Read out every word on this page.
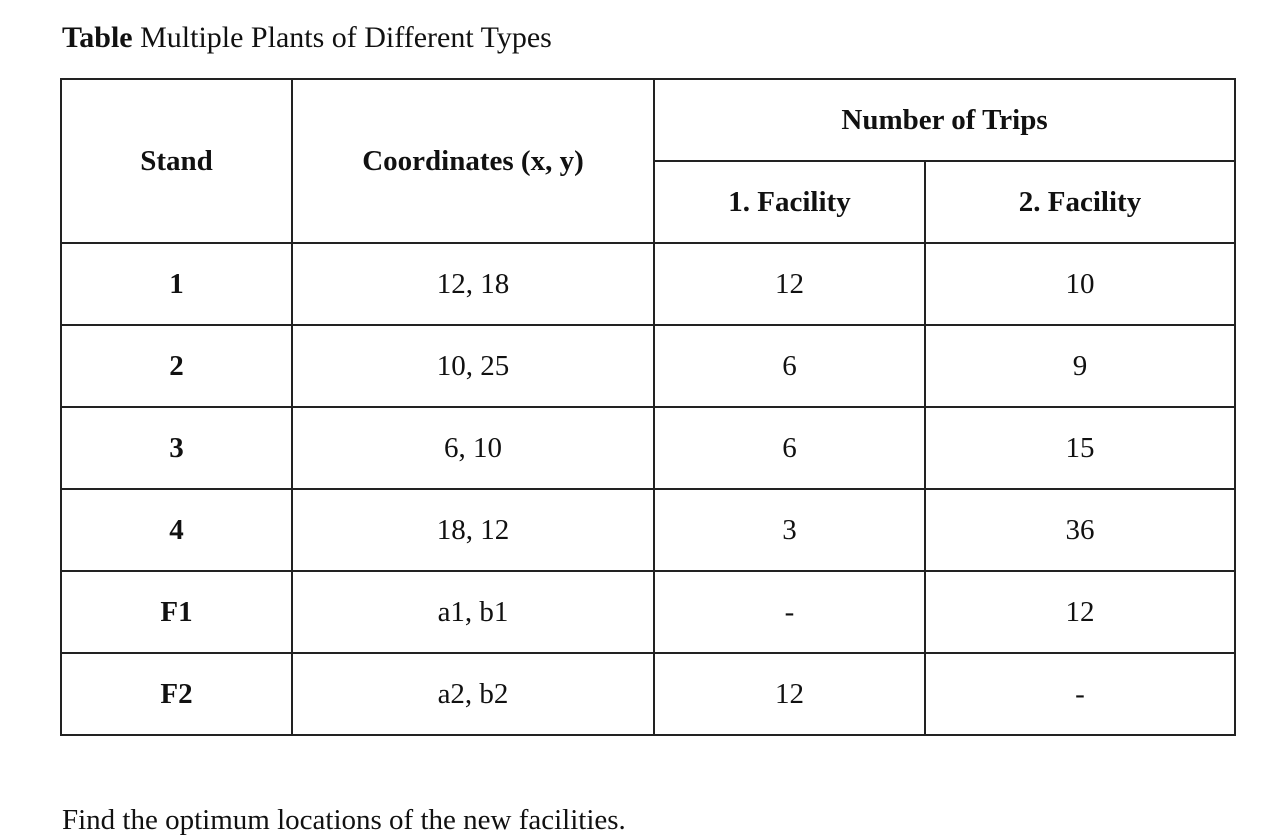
Table Multiple Plants of Different Types
Stand	Coordinates (x, y)	Number of Trips	
		1. Facility	2. Facility
1	12, 18	12	10
2	10, 25	6	9
3	6, 10	6	15
4	18, 12	3	36
F1	a1, b1	-	12
F2	a2, b2	12	-
Find the optimum locations of the new facilities.
